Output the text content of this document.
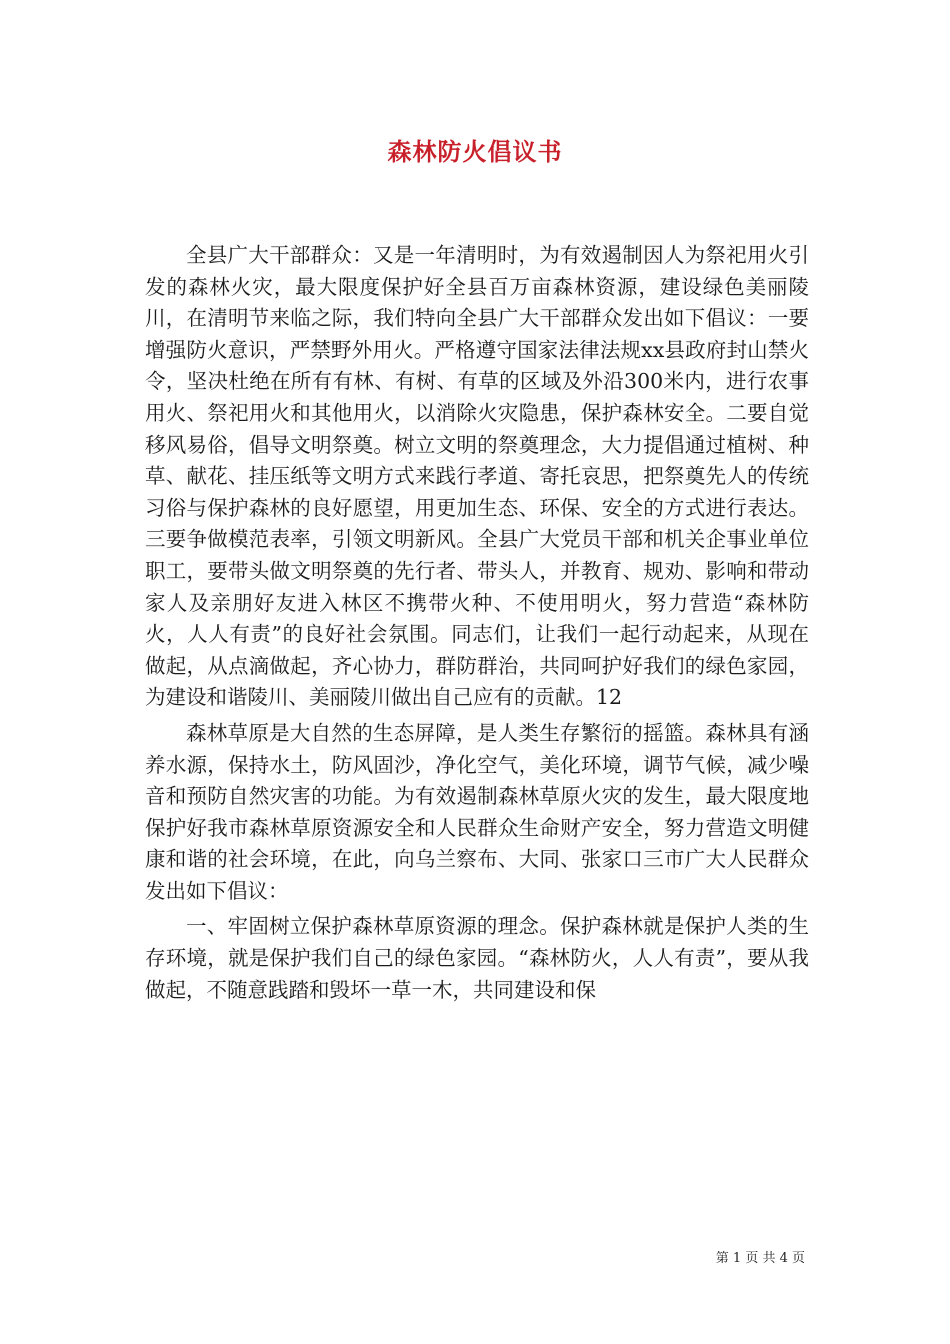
森林防火倡议书

全县广大干部群众：又是一年清明时，为有效遏制因人为祭祀用火引发的森林火灾，最大限度保护好全县百万亩森林资源，建设绿色美丽陵川，在清明节来临之际，我们特向全县广大干部群众发出如下倡议：一要增强防火意识，严禁野外用火。严格遵守国家法律法规xx县政府封山禁火令，坚决杜绝在所有有林、有树、有草的区域及外沿300米内，进行农事用火、祭祀用火和其他用火，以消除火灾隐患，保护森林安全。二要自觉移风易俗，倡导文明祭奠。树立文明的祭奠理念，大力提倡通过植树、种草、献花、挂压纸等文明方式来践行孝道、寄托哀思，把祭奠先人的传统习俗与保护森林的良好愿望，用更加生态、环保、安全的方式进行表达。三要争做模范表率，引领文明新风。全县广大党员干部和机关企事业单位职工，要带头做文明祭奠的先行者、带头人，并教育、规劝、影响和带动家人及亲朋好友进入林区不携带火种、不使用明火，努力营造“森林防火，人人有责”的良好社会氛围。同志们，让我们一起行动起来，从现在做起，从点滴做起，齐心协力，群防群治，共同呵护好我们的绿色家园，为建设和谐陵川、美丽陵川做出自己应有的贡献。12

森林草原是大自然的生态屏障，是人类生存繁衍的摇篮。森林具有涵养水源，保持水土，防风固沙，净化空气，美化环境，调节气候，减少噪音和预防自然灾害的功能。为有效遏制森林草原火灾的发生，最大限度地保护好我市森林草原资源安全和人民群众生命财产安全，努力营造文明健康和谐的社会环境，在此，向乌兰察布、大同、张家口三市广大人民群众发出如下倡议：

一、牢固树立保护森林草原资源的理念。保护森林就是保护人类的生存环境，就是保护我们自己的绿色家园。“森林防火，人人有责”，要从我做起，不随意践踏和毁坏一草一木，共同建设和保

第 1 页 共 4 页
